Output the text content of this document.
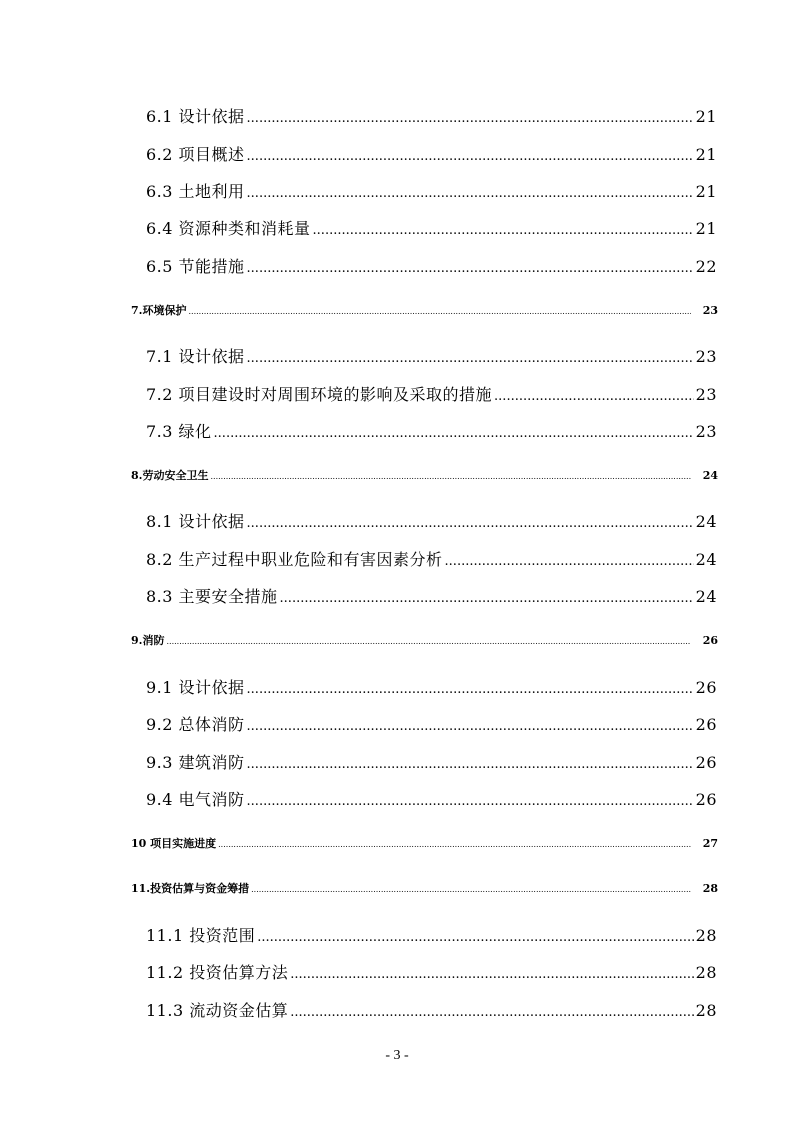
6.1 设计依据 .....	21
6.2 项目概述 .....	21
6.3 土地利用 .....	21
6.4 资源种类和消耗量 .....	21
6.5 节能措施 .....	22
7.环境保护 .....	23
7.1 设计依据 .....	23
7.2 项目建设时对周围环境的影响及采取的措施 .....	23
7.3 绿化 .....	23
8.劳动安全卫生 .....	24
8.1 设计依据 .....	24
8.2 生产过程中职业危险和有害因素分析 .....	24
8.3 主要安全措施 .....	24
9.消防 .....	26
9.1 设计依据 .....	26
9.2 总体消防 .....	26
9.3 建筑消防 .....	26
9.4 电气消防 .....	26
10 项目实施进度 .....	27
11.投资估算与资金筹措 .....	28
11.1 投资范围 .....	28
11.2 投资估算方法 .....	28
11.3 流动资金估算 .....	28
- 3 -
